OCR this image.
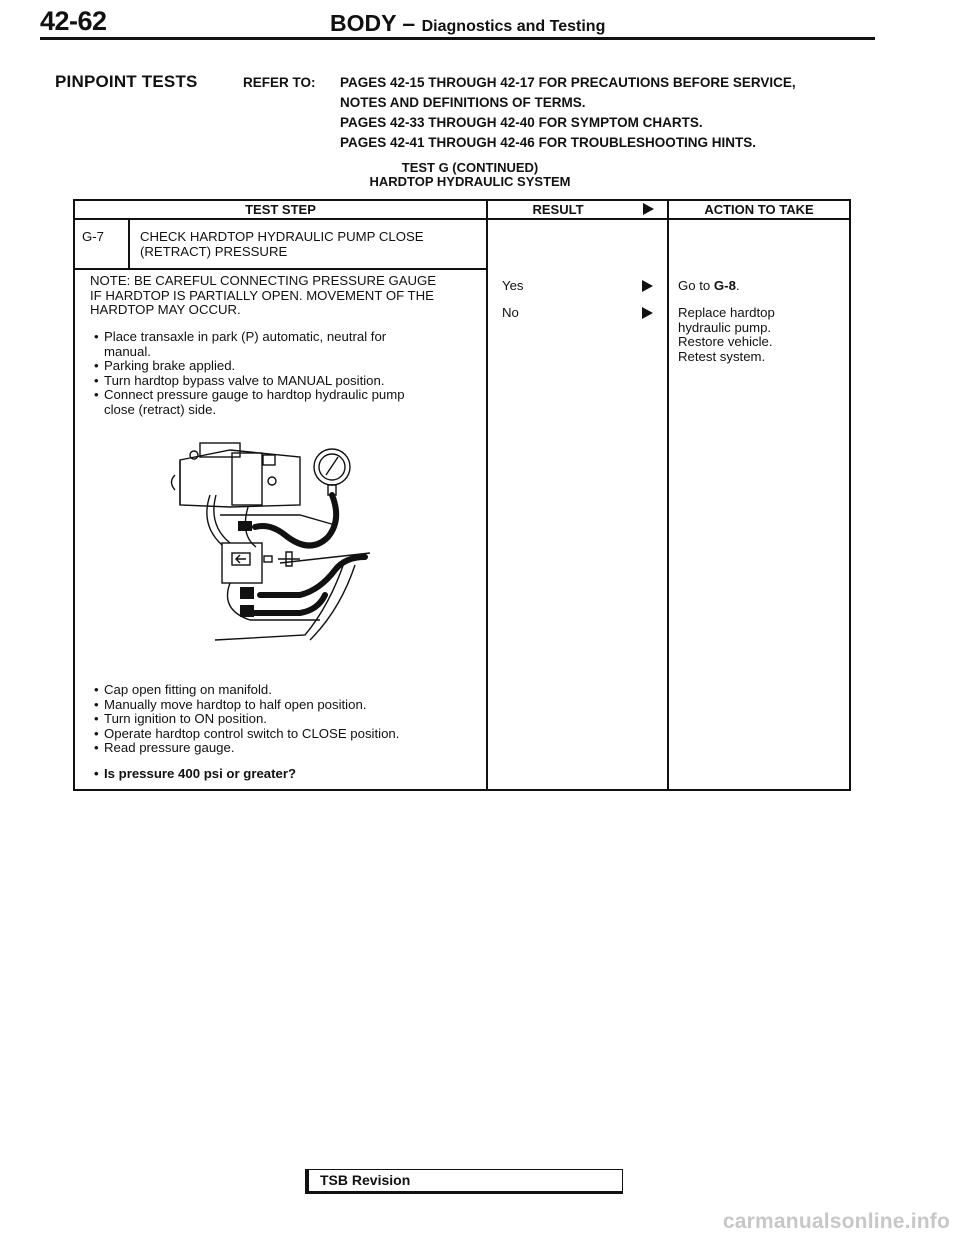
42-62	BODY – Diagnostics and Testing
PINPOINT TESTS	REFER TO: PAGES 42-15 THROUGH 42-17 FOR PRECAUTIONS BEFORE SERVICE,
NOTES AND DEFINITIONS OF TERMS.
PAGES 42-33 THROUGH 42-40 FOR SYMPTOM CHARTS.
PAGES 42-41 THROUGH 42-46 FOR TROUBLESHOOTING HINTS.
TEST G (CONTINUED)
HARDTOP HYDRAULIC SYSTEM
TEST STEP	RESULT	ACTION TO TAKE
G-7	CHECK HARDTOP HYDRAULIC PUMP CLOSE
(RETRACT) PRESSURE
NOTE: BE CAREFUL CONNECTING PRESSURE GAUGE
IF HARDTOP IS PARTIALLY OPEN. MOVEMENT OF THE
HARDTOP MAY OCCUR.
• Place transaxle in park (P) automatic, neutral for manual.
• Parking brake applied.
• Turn hardtop bypass valve to MANUAL position.
• Connect pressure gauge to hardtop hydraulic pump close (retract) side.
• Cap open fitting on manifold.
• Manually move hardtop to half open position.
• Turn ignition to ON position.
• Operate hardtop control switch to CLOSE position.
• Read pressure gauge.
• Is pressure 400 psi or greater?
Yes	Go to G-8.
No	Replace hardtop
hydraulic pump.
Restore vehicle.
Retest system.
TSB Revision
carmanualsonline.info
